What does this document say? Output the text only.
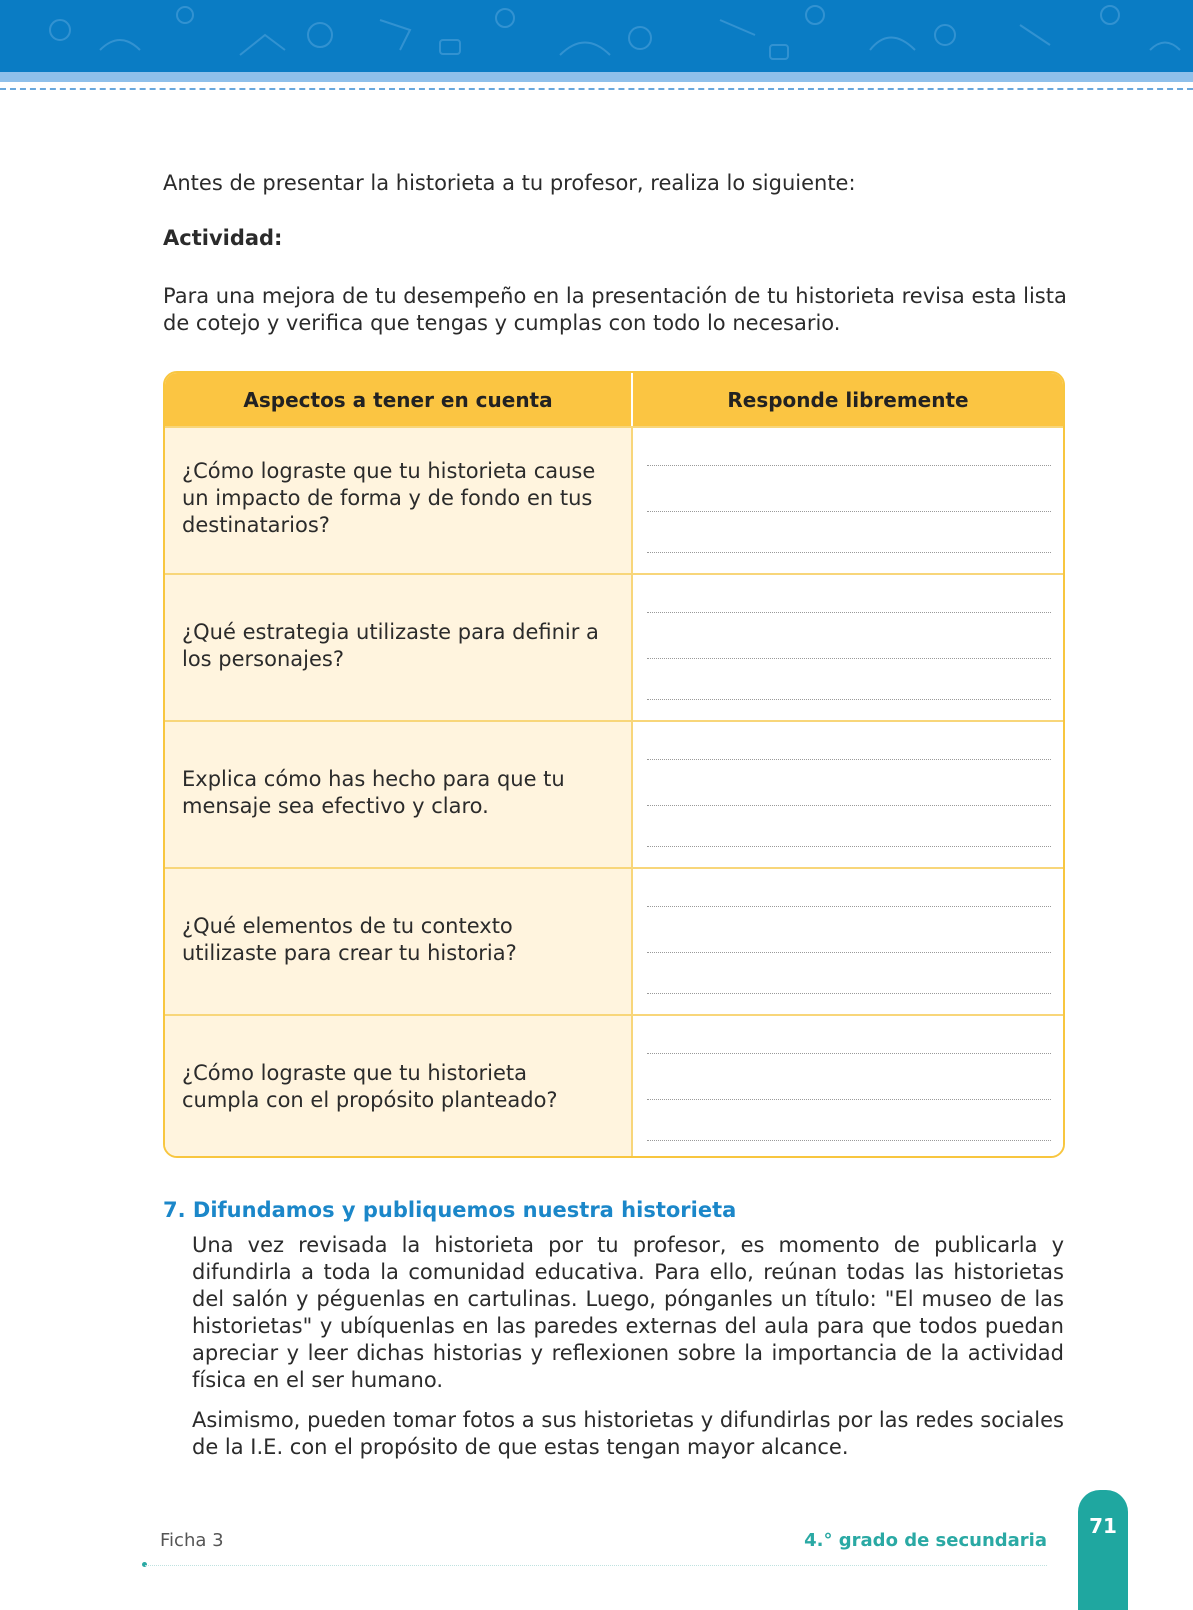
Antes de presentar la historieta a tu profesor, realiza lo siguiente:

Actividad:

Para una mejora de tu desempeño en la presentación de tu historieta revisa esta lista de cotejo y verifica que tengas y cumplas con todo lo necesario.

Aspectos a tener en cuenta	Responde libremente
¿Cómo lograste que tu historieta cause un impacto de forma y de fondo en tus destinatarios?
¿Qué estrategia utilizaste para definir a los personajes?
Explica cómo has hecho para que tu mensaje sea efectivo y claro.
¿Qué elementos de tu contexto utilizaste para crear tu historia?
¿Cómo lograste que tu historieta cumpla con el propósito planteado?

7. Difundamos y publiquemos nuestra historieta

Una vez revisada la historieta por tu profesor, es momento de publicarla y difundirla a toda la comunidad educativa. Para ello, reúnan todas las historietas del salón y péguenlas en cartulinas. Luego, pónganles un título: "El museo de las historietas" y ubíquenlas en las paredes externas del aula para que todos puedan apreciar y leer dichas historias y reflexionen sobre la importancia de la actividad física en el ser humano.

Asimismo, pueden tomar fotos a sus historietas y difundirlas por las redes sociales de la I.E. con el propósito de que estas tengan mayor alcance.

Ficha 3	4.° grado de secundaria
71
